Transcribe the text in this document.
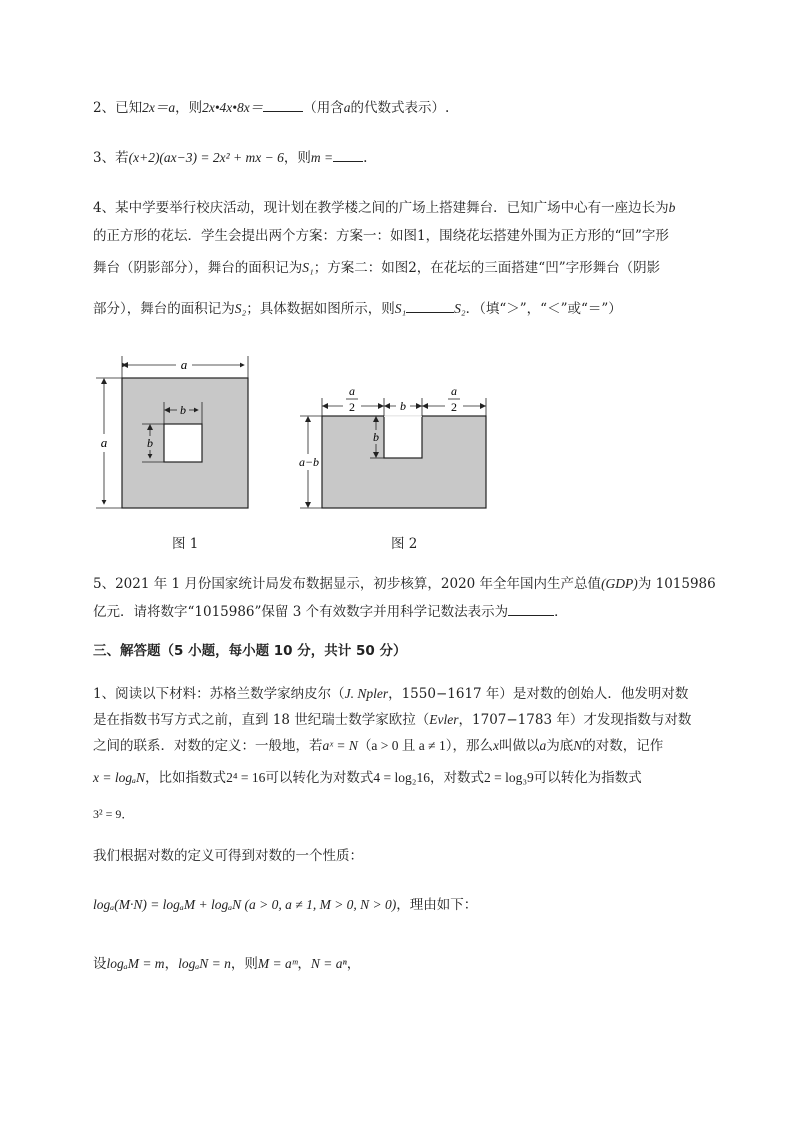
2、已知2x＝a，则2x•4x•8x＝	（用含a的代数式表示）.
3、若(x+2)(ax−3) = 2x² + mx − 6，则m = .
4、某中学要举行校庆活动，现计划在教学楼之间的广场上搭建舞台．已知广场中心有一座边长为b
的正方形的花坛．学生会提出两个方案：方案一：如图1，围绕花坛搭建外围为正方形的“回”字形
舞台（阴影部分），舞台的面积记为S₁；方案二：如图2，在花坛的三面搭建“凹”字形舞台（阴影
部分），舞台的面积记为S₂；具体数据如图所示，则S₁	S₂．（填“＞”，“＜”或“＝”）
a
a
b
b
图 1
a
2	b
a
2
b
a−b
图 2
5、2021 年 1 月份国家统计局发布数据显示，初步核算，2020 年全年国内生产总值(GDP)为 1015986
亿元．请将数字“1015986”保留 3 个有效数字并用科学记数法表示为	．
三、解答题（5 小题，每小题 10 分，共计 50 分）
1、阅读以下材料：苏格兰数学家纳皮尔（J. Npler，1550−1617 年）是对数的创始人．他发明对数
是在指数书写方式之前，直到 18 世纪瑞士数学家欧拉（Evler，1707−1783 年）才发现指数与对数
之间的联系．对数的定义：一般地，若aˣ = N（a > 0 且 a ≠ 1），那么x叫做以a为底N的对数，记作
x = logₐN，比如指数式2⁴ = 16可以转化为对数式4 = log₂16，对数式2 = log₃9可以转化为指数式
3² = 9．
我们根据对数的定义可得到对数的一个性质：
logₐ(M·N) = logₐM + logₐN (a > 0, a ≠ 1, M > 0, N > 0)，理由如下：
设logₐM = m，logₐN = n，则M = aᵐ，N = aⁿ，
